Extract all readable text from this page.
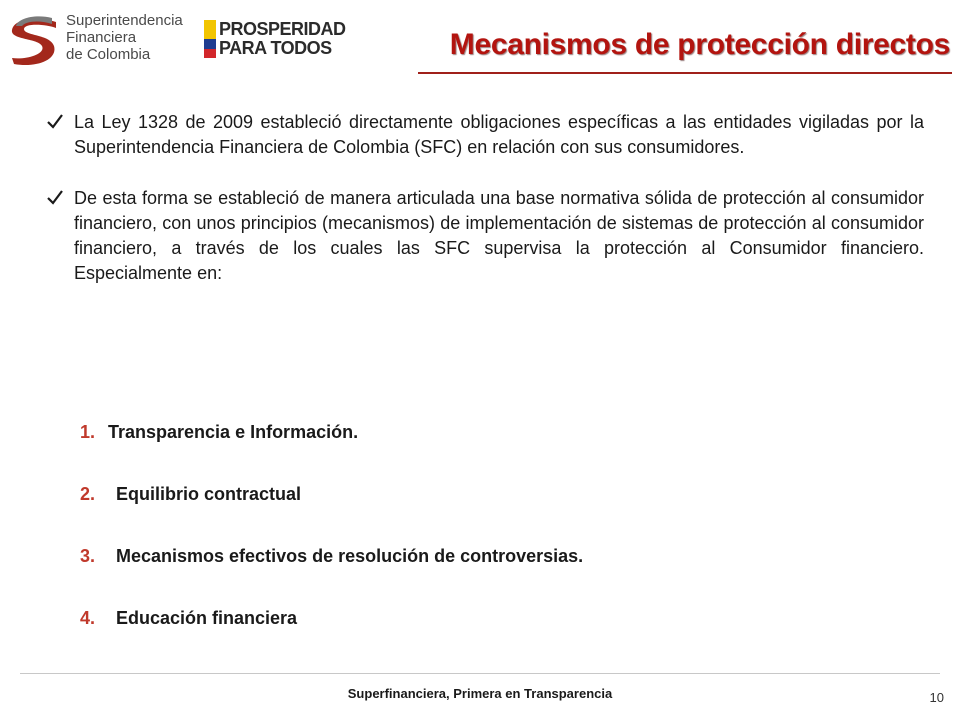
Superintendencia
Financiera
de Colombia
PROSPERIDAD
PARA TODOS	Mecanismos de protección directos

La Ley 1328 de 2009 estableció directamente obligaciones específicas a las entidades vigiladas por la Superintendencia Financiera de Colombia (SFC) en relación con sus consumidores.

De esta forma se estableció de manera articulada una base normativa sólida de protección al consumidor financiero, con unos principios (mecanismos) de implementación de sistemas de protección al consumidor financiero, a través de los cuales las SFC supervisa la protección al Consumidor financiero. Especialmente en:

1. Transparencia e Información.
2. Equilibrio contractual
3. Mecanismos efectivos de resolución de controversias.
4. Educación financiera
Superfinanciera, Primera en Transparencia	10
